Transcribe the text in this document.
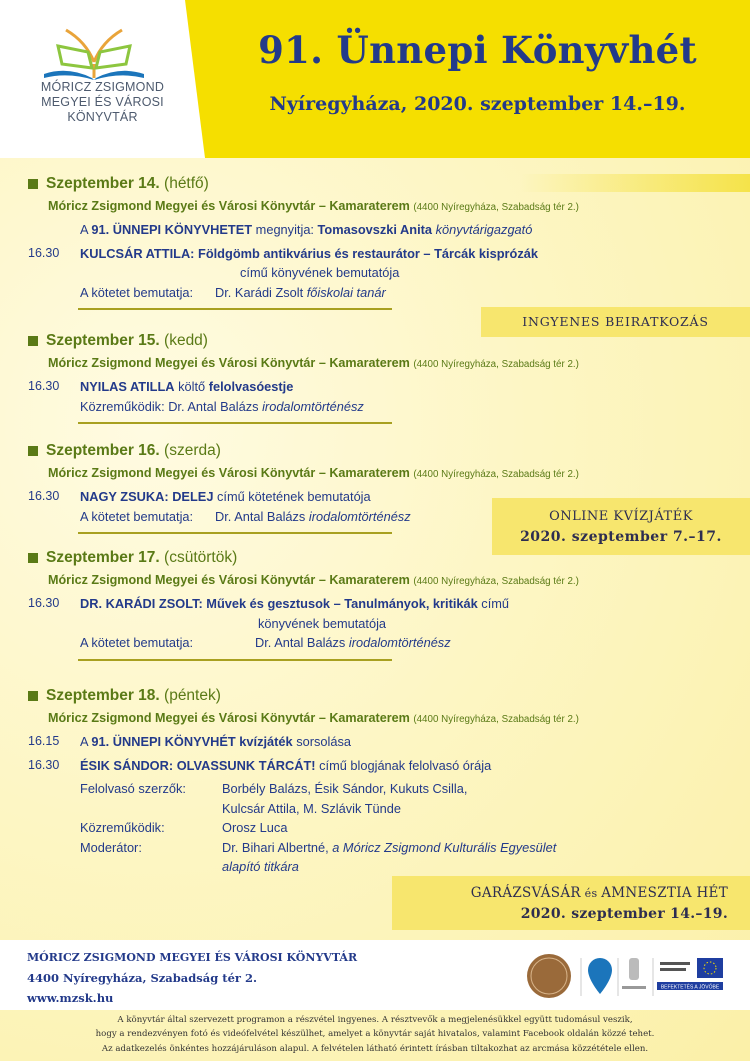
MÓRICZ ZSIGMOND
MEGYEI ÉS VÁROSI
KÖNYVTÁR
91. Ünnepi Könyvhét
Nyíregyháza, 2020. szeptember 14.–19.
Szeptember 14. (hétfő)
Móricz Zsigmond Megyei és Városi Könyvtár – Kamaraterem (4400 Nyíregyháza, Szabadság tér 2.)
A 91. ÜNNEPI KÖNYVHETET megnyitja: Tomasovszki Anita könyvtárigazgató
16.30 KULCSÁR ATTILA: Földgömb antikvárius és restaurátor – Tárcák kisprózák
című könyvének bemutatója
A kötetet bemutatja: Dr. Karádi Zsolt főiskolai tanár
Szeptember 15. (kedd)
Móricz Zsigmond Megyei és Városi Könyvtár – Kamaraterem (4400 Nyíregyháza, Szabadság tér 2.)
16.30 NYILAS ATILLA költő felolvasóestje
Közreműködik: Dr. Antal Balázs irodalomtörténész
Szeptember 16. (szerda)
Móricz Zsigmond Megyei és Városi Könyvtár – Kamaraterem (4400 Nyíregyháza, Szabadság tér 2.)
16.30 NAGY ZSUKA: DELEJ című kötetének bemutatója
A kötetet bemutatja: Dr. Antal Balázs irodalomtörténész
Szeptember 17. (csütörtök)
Móricz Zsigmond Megyei és Városi Könyvtár – Kamaraterem (4400 Nyíregyháza, Szabadság tér 2.)
16.30 DR. KARÁDI ZSOLT: Művek és gesztusok – Tanulmányok, kritikák című
könyvének bemutatója
A kötetet bemutatja:	Dr. Antal Balázs irodalomtörténész
Szeptember 18. (péntek)
Móricz Zsigmond Megyei és Városi Könyvtár – Kamaraterem (4400 Nyíregyháza, Szabadság tér 2.)
16.15 A 91. ÜNNEPI KÖNYVHÉT kvízjáték sorsolása
16.30 ÉSIK SÁNDOR: OLVASSUNK TÁRCÁT! című blogjának felolvasó órája
Felolvasó szerzők:	Borbély Balázs, Ésik Sándor, Kukuts Csilla,
Kulcsár Attila, M. Szlávik Tünde
Közreműködik:	Orosz Luca
Moderátor:	Dr. Bihari Albertné, a Móricz Zsigmond Kulturális Egyesület
alapító titkára
INGYENES BEIRATKOZÁS
ONLINE KVÍZJÁTÉK
2020. szeptember 7.–17.
GARÁZSVÁSÁR és AMNESZTIA HÉT
2020. szeptember 14.–19.
MÓRICZ ZSIGMOND MEGYEI ÉS VÁROSI KÖNYVTÁR
4400 Nyíregyháza, Szabadság tér 2.
www.mzsk.hu
BEFEKTETÉS A JÖVŐBE
A könyvtár által szervezett programon a részvétel ingyenes. A résztvevők a megjelenésükkel együtt tudomásul veszik,
hogy a rendezvényen fotó és videófelvétel készülhet, amelyet a könyvtár saját hivatalos, valamint Facebook oldalán közzé tehet.
Az adatkezelés önkéntes hozzájáruláson alapul. A felvételen látható érintett írásban tiltakozhat az arcmása közzététele ellen.
